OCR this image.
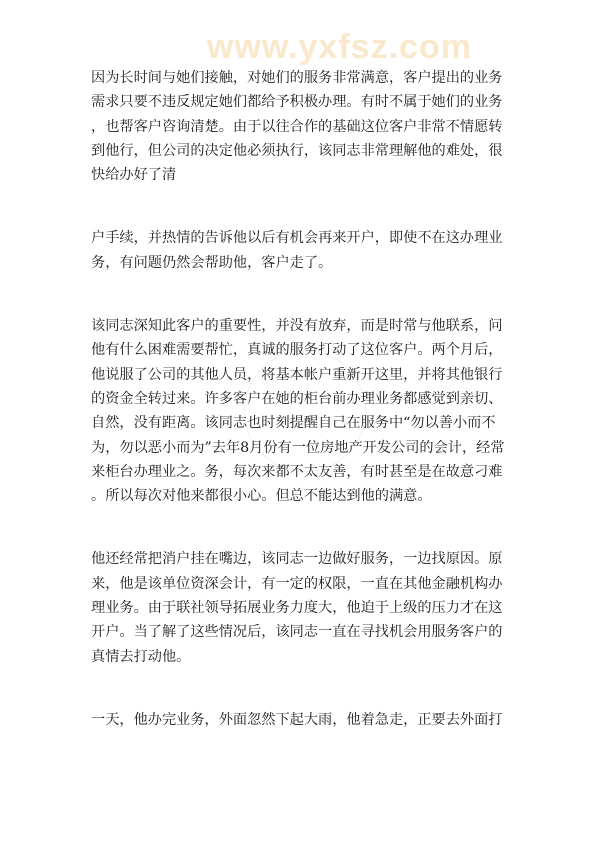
www.yxfsz.com
因为长时间与她们接触，对她们的服务非常满意，客户提出的业务
需求只要不违反规定她们都给予积极办理。有时不属于她们的业务
，也帮客户咨询清楚。由于以往合作的基础这位客户非常不情愿转
到他行，但公司的决定他必须执行，该同志非常理解他的难处，很
快给办好了清
户手续，并热情的告诉他以后有机会再来开户，即使不在这办理业
务，有问题仍然会帮助他，客户走了。
该同志深知此客户的重要性，并没有放弃，而是时常与他联系，问
他有什么困难需要帮忙，真诚的服务打动了这位客户。两个月后，
他说服了公司的其他人员，将基本帐户重新开这里，并将其他银行
的资金全转过来。许多客户在她的柜台前办理业务都感觉到亲切、
自然，没有距离。该同志也时刻提醒自己在服务中“勿以善小而不
为，勿以恶小而为”去年8月份有一位房地产开发公司的会计，经常
来柜台办理业之。务，每次来都不太友善，有时甚至是在故意刁难
。所以每次对他来都很小心。但总不能达到他的满意。
他还经常把消户挂在嘴边，该同志一边做好服务，一边找原因。原
来，他是该单位资深会计，有一定的权限，一直在其他金融机构办
理业务。由于联社领导拓展业务力度大，他迫于上级的压力才在这
开户。当了解了这些情况后，该同志一直在寻找机会用服务客户的
真情去打动他。
一天，他办完业务，外面忽然下起大雨，他着急走，正要去外面打
